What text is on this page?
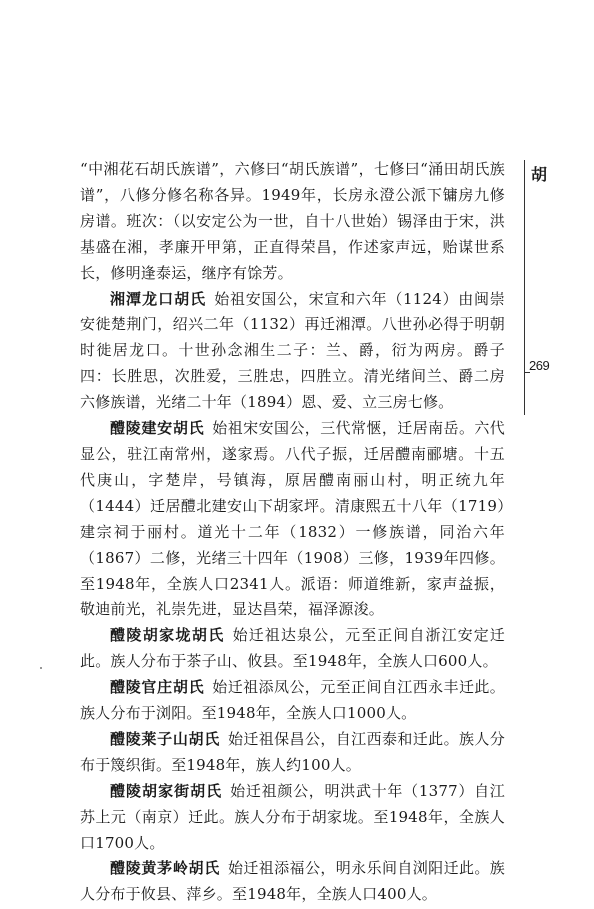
“中湘花石胡氏族谱”，六修曰“胡氏族谱”，七修曰“涌田胡氏族谱”，八修分修名称各异。1949年，长房永澄公派下镛房九修房谱。班次：（以安定公为一世，自十八世始）锡泽由于宋，洪基盛在湘，孝廉开甲第，正直得荣昌，作述家声远，贻谋世系长，修明逢泰运，继序有馀芳。

湘潭龙口胡氏 始祖安国公，宋宣和六年（1124）由闽崇安徙楚荆门，绍兴二年（1132）再迁湘潭。八世孙必得于明朝时徙居龙口。十世孙念湘生二子：兰、爵，衍为两房。爵子四：长胜思，次胜爱，三胜忠，四胜立。清光绪间兰、爵二房六修族谱，光绪二十年（1894）恩、爱、立三房七修。

醴陵建安胡氏 始祖宋安国公，三代常愜，迁居南岳。六代显公，驻江南常州，遂家焉。八代子振，迁居醴南郦塘。十五代庚山，字楚岸，号镇海，原居醴南丽山村，明正统九年（1444）迁居醴北建安山下胡家坪。清康熙五十八年（1719）建宗祠于丽村。道光十二年（1832）一修族谱，同治六年（1867）二修，光绪三十四年（1908）三修，1939年四修。至1948年，全族人口2341人。派语：师道维新，家声益振，敬迪前光，礼崇先进，显达昌荣，福泽源浚。

醴陵胡家垅胡氏 始迁祖达泉公，元至正间自浙江安定迁此。族人分布于茶子山、攸县。至1948年，全族人口600人。

醴陵官庄胡氏 始迁祖添凤公，元至正间自江西永丰迁此。族人分布于浏阳。至1948年，全族人口1000人。

醴陵莱子山胡氏 始迁祖保昌公，自江西泰和迁此。族人分布于篾织街。至1948年，族人约100人。

醴陵胡家街胡氏 始迁祖颜公，明洪武十年（1377）自江苏上元（南京）迁此。族人分布于胡家垅。至1948年，全族人口1700人。

醴陵黄茅岭胡氏 始迁祖添福公，明永乐间自浏阳迁此。族人分布于攸县、萍乡。至1948年，全族人口400人。

胡
269
